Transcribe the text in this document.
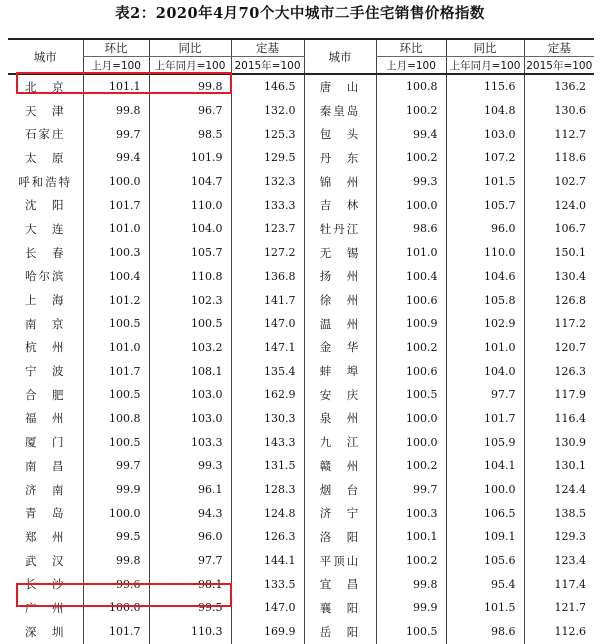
表2：2020年4月70个大中城市二手住宅销售价格指数
城市	环比	同比	定基	城市	环比	同比	定基
	上月=100	上年同月=100	2015年=100		上月=100	上年同月=100	2015年=100
北　京	101.1	99.8	146.5	唐　山	100.8	115.6	136.2
天　津	99.8	96.7	132.0	秦皇岛	100.2	104.8	130.6
石家庄	99.7	98.5	125.3	包　头	99.4	103.0	112.7
太　原	99.4	101.9	129.5	丹　东	100.2	107.2	118.6
呼和浩特	100.0	104.7	132.3	锦　州	99.3	101.5	102.7
沈　阳	101.7	110.0	133.3	吉　林	100.0	105.7	124.0
大　连	101.0	104.0	123.7	牡丹江	98.6	96.0	106.7
长　春	100.3	105.7	127.2	无　锡	101.0	110.0	150.1
哈尔滨	100.4	110.8	136.8	扬　州	100.4	104.6	130.4
上　海	101.2	102.3	141.7	徐　州	100.6	105.8	126.8
南　京	100.5	100.5	147.0	温　州	100.9	102.9	117.2
杭　州	101.0	103.2	147.1	金　华	100.2	101.0	120.7
宁　波	101.7	108.1	135.4	蚌　埠	100.6	104.0	126.3
合　肥	100.5	103.0	162.9	安　庆	100.5	97.7	117.9
福　州	100.8	103.0	130.3	泉　州	100.0	101.7	116.4
厦　门	100.5	103.3	143.3	九　江	100.0	105.9	130.9
南　昌	99.7	99.3	131.5	赣　州	100.2	104.1	130.1
济　南	99.9	96.1	128.3	烟　台	99.7	100.0	124.4
青　岛	100.0	94.3	124.8	济　宁	100.3	106.5	138.5
郑　州	99.5	96.0	126.3	洛　阳	100.1	109.1	129.3
武　汉	99.8	97.7	144.1	平顶山	100.2	105.6	123.4
长　沙	99.6	98.1	133.5	宜　昌	99.8	95.4	117.4
广　州	100.0	99.5	147.0	襄　阳	99.9	101.5	121.7
深　圳	101.7	110.3	169.9	岳　阳	100.5	98.6	112.6
